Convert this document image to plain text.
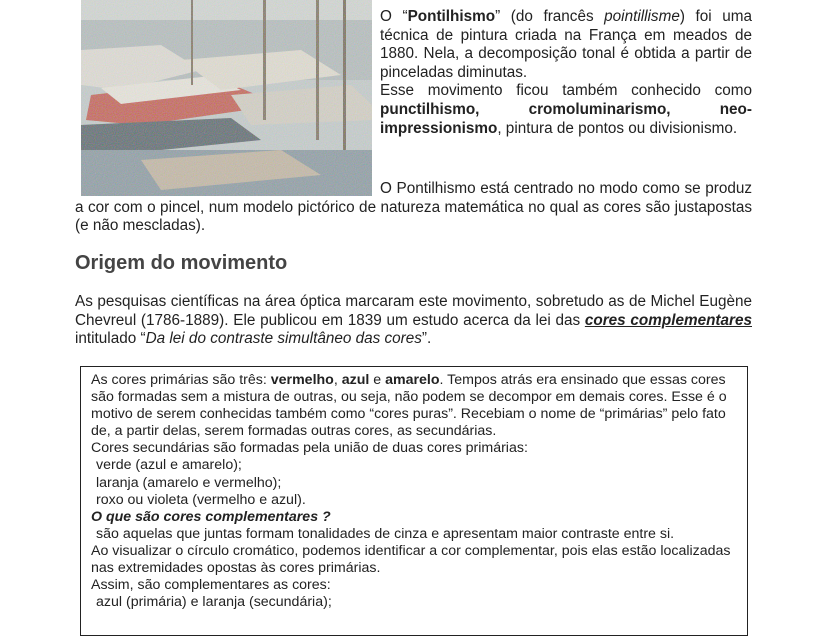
O “Pontilhismo” (do francês pointillisme) foi uma técnica de pintura criada na França em meados de 1880. Nela, a decomposição tonal é obtida a partir de pinceladas diminutas.
Esse movimento ficou também conhecido como punctilhismo, cromoluminarismo, neo-impressionismo, pintura de pontos ou divisionismo.

O Pontilhismo está centrado no modo como se produz a cor com o pincel, num modelo pictórico de natureza matemática no qual as cores são justapostas (e não mescladas).

Origem do movimento

As pesquisas científicas na área óptica marcaram este movimento, sobretudo as de Michel Eugène Chevreul (1786-1889). Ele publicou em 1839 um estudo acerca da lei das cores complementares intitulado “Da lei do contraste simultâneo das cores”.

As cores primárias são três: vermelho, azul e amarelo. Tempos atrás era ensinado que essas cores são formadas sem a mistura de outras, ou seja, não podem se decompor em demais cores. Esse é o motivo de serem conhecidas também como “cores puras”. Recebiam o nome de “primárias” pelo fato de, a partir delas, serem formadas outras cores, as secundárias.
Cores secundárias são formadas pela união de duas cores primárias:
verde (azul e amarelo);
laranja (amarelo e vermelho);
roxo ou violeta (vermelho e azul).
O que são cores complementares ?
são aquelas que juntas formam tonalidades de cinza e apresentam maior contraste entre si.
Ao visualizar o círculo cromático, podemos identificar a cor complementar, pois elas estão localizadas nas extremidades opostas às cores primárias.
Assim, são complementares as cores:
azul (primária) e laranja (secundária);
